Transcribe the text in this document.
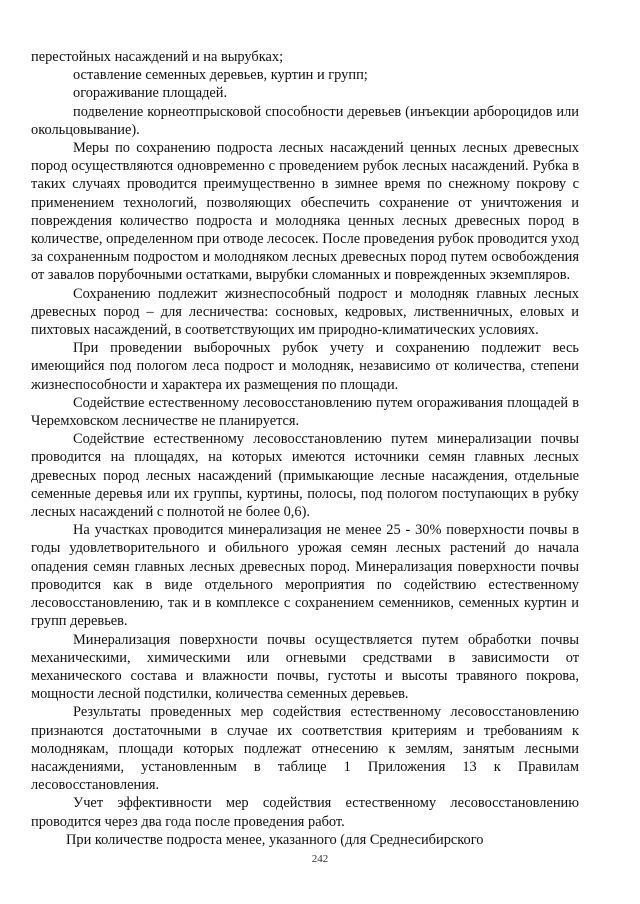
перестойных насаждений и на вырубках;

оставление семенных деревьев, куртин и групп;

огораживание площадей.

подвеление корнеотпрысковой способности деревьев (инъекции арбороцидов или окольцовывание).

Меры по сохранению подроста лесных насаждений ценных лесных древесных пород осуществляются одновременно с проведением рубок лесных насаждений. Рубка в таких случаях проводится преимущественно в зимнее время по снежному покрову с применением технологий, позволяющих обеспечить сохранение от уничтожения и повреждения количество подроста и молодняка ценных лесных древесных пород в количестве, определенном при отводе лесосек. После проведения рубок проводится уход за сохраненным подростом и молодняком лесных древесных пород путем освобождения от завалов порубочными остатками, вырубки сломанных и поврежденных экземпляров.

Сохранению подлежит жизнеспособный подрост и молодняк главных лесных древесных пород – для лесничества: сосновых, кедровых, лиственничных, еловых и пихтовых насаждений, в соответствующих им природно-климатических условиях.

При проведении выборочных рубок учету и сохранению подлежит весь имеющийся под пологом леса подрост и молодняк, независимо от количества, степени жизнеспособности и характера их размещения по площади.

Содействие естественному лесовосстановлению путем огораживания площадей в Черемховском лесничестве не планируется.

Содействие естественному лесовосстановлению путем минерализации почвы проводится на площадях, на которых имеются источники семян главных лесных древесных пород лесных насаждений (примыкающие лесные насаждения, отдельные семенные деревья или их группы, куртины, полосы, под пологом поступающих в рубку лесных насаждений с полнотой не более 0,6).

На участках проводится минерализация не менее 25 - 30% поверхности почвы в годы удовлетворительного и обильного урожая семян лесных растений до начала опадения семян главных лесных древесных пород. Минерализация поверхности почвы проводится как в виде отдельного мероприятия по содействию естественному лесовосстановлению, так и в комплексе с сохранением семенников, семенных куртин и групп деревьев.

Минерализация поверхности почвы осуществляется путем обработки почвы механическими, химическими или огневыми средствами в зависимости от механического состава и влажности почвы, густоты и высоты травяного покрова, мощности лесной подстилки, количества семенных деревьев.

Результаты проведенных мер содействия естественному лесовосстановлению признаются достаточными в случае их соответствия критериям и требованиям к молоднякам, площади которых подлежат отнесению к землям, занятым лесными насаждениями, установленным в таблице 1 Приложения 13 к Правилам лесовосстановления.

Учет эффективности мер содействия естественному лесовосстановлению проводится через два года после проведения работ.

При количестве подроста менее, указанного (для Среднесибирского

242
